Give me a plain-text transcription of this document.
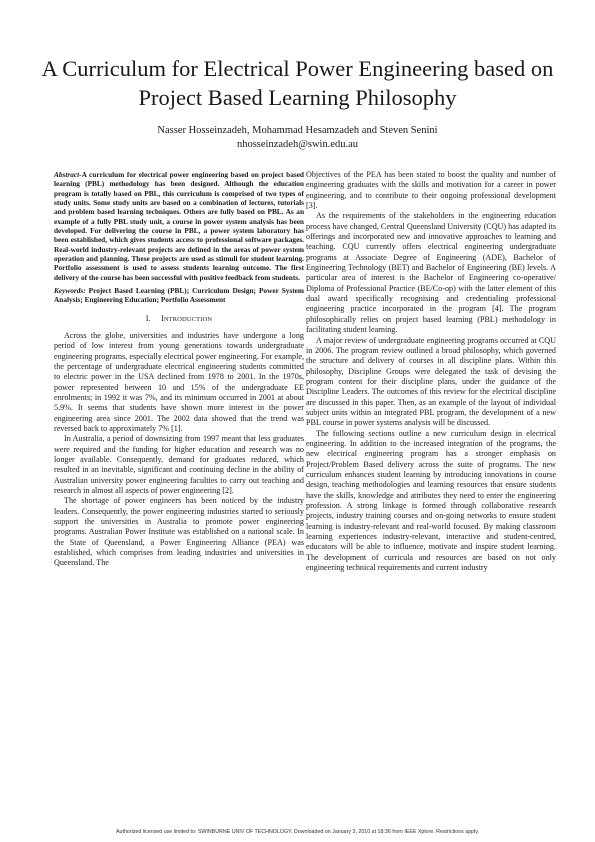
A Curriculum for Electrical Power Engineering based on Project Based Learning Philosophy
Nasser Hosseinzadeh, Mohammad Hesamzadeh and Steven Senini
nhosseinzadeh@swin.edu.au

Abstract-A curriculum for electrical power engineering based on project based learning (PBL) methodology has been designed. Although the education program is totally based on PBL, this curriculum is comprised of two types of study units. Some study units are based on a combination of lectures, tutorials and problem based learning techniques. Others are fully based on PBL. As an example of a fully PBL study unit, a course in power system analysis has been developed. For delivering the course in PBL, a power system laboratory has been established, which gives students access to professional software packages. Real-world industry-relevant projects are defined in the areas of power system operation and planning. These projects are used as stimuli for student learning. Portfolio assessment is used to assess students learning outcome. The first delivery of the course has been successful with positive feedback from students.

Keywords: Project Based Learning (PBL); Curriculum Design; Power System Analysis; Engineering Education; Portfolio Assessment

I. INTRODUCTION

Across the globe, universities and industries have undergone a long period of low interest from young generations towards undergraduate engineering programs, especially electrical power engineering. For example, the percentage of undergraduate electrical engineering students committed to electric power in the USA declined from 1978 to 2001. In the 1970s, power represented between 10 and 15% of the undergraduate EE enrolments; in 1992 it was 7%, and its minimum occurred in 2001 at about 5.9%. It seems that students have shown more interest in the power engineering area since 2001. The 2002 data showed that the trend was reversed back to approximately 7% [1].

In Australia, a period of downsizing from 1997 meant that less graduates were required and the funding for higher education and research was no longer available. Consequently, demand for graduates reduced, which resulted in an inevitable, significant and continuing decline in the ability of Australian university power engineering faculties to carry out teaching and research in almost all aspects of power engineering [2].

The shortage of power engineers has been noticed by the industry leaders. Consequently, the power engineering industries started to seriously support the universities in Australia to promote power engineering programs. Australian Power Institute was established on a national scale. In the State of Queensland, a Power Engineering Alliance (PEA) was established, which comprises from leading industries and universities in Queensland. The

Objectives of the PEA has been stated to boost the quality and number of engineering graduates with the skills and motivation for a career in power engineering, and to contribute to their ongoing professional development [3].

As the requirements of the stakeholders in the engineering education process have changed, Central Queensland University (CQU) has adapted its offerings and incorporated new and innovative approaches to learning and teaching. CQU currently offers electrical engineering undergraduate programs at Associate Degree of Engineering (ADE), Bachelor of Engineering Technology (BET) and Bachelor of Engineering (BE) levels. A particular area of interest is the Bachelor of Engineering co-operative/ Diploma of Professional Practice (BE/Co-op) with the latter element of this dual award specifically recognising and credentialing professional engineering practice incorporated in the program [4]. The program philosophically relies on project based learning (PBL) methodology in facilitating student learning.

A major review of undergraduate engineering programs occurred at CQU in 2006. The program review outlined a broad philosophy, which governed the structure and delivery of courses in all discipline plans. Within this philosophy, Discipline Groups were delegated the task of devising the program content for their discipline plans, under the guidance of the Discipline Leaders. The outcomes of this review for the electrical discipline are discussed in this paper. Then, as an example of the layout of individual subject units within an integrated PBL program, the development of a new PBL course in power systems analysis will be discussed.

The following sections outline a new curriculum design in electrical engineering. In addition to the increased integration of the programs, the new electrical engineering program has a stronger emphasis on Project/Problem Based delivery across the suite of programs. The new curriculum enhances student learning by introducing innovations in course design, teaching methodologies and learning resources that ensure students have the skills, knowledge and attributes they need to enter the engineering profession. A strong linkage is formed through collaborative research projects, industry training courses and on-going networks to ensure student learning is industry-relevant and real-world focused. By making classroom learning experiences industry-relevant, interactive and student-centred, educators will be able to influence, motivate and inspire student learning. The development of curricula and resources are based on not only engineering technical requirements and current industry

Authorized licensed use limited to: SWINBURNE UNIV OF TECHNOLOGY. Downloaded on January 3, 2010 at 18:36 from IEEE Xplore. Restrictions apply.
